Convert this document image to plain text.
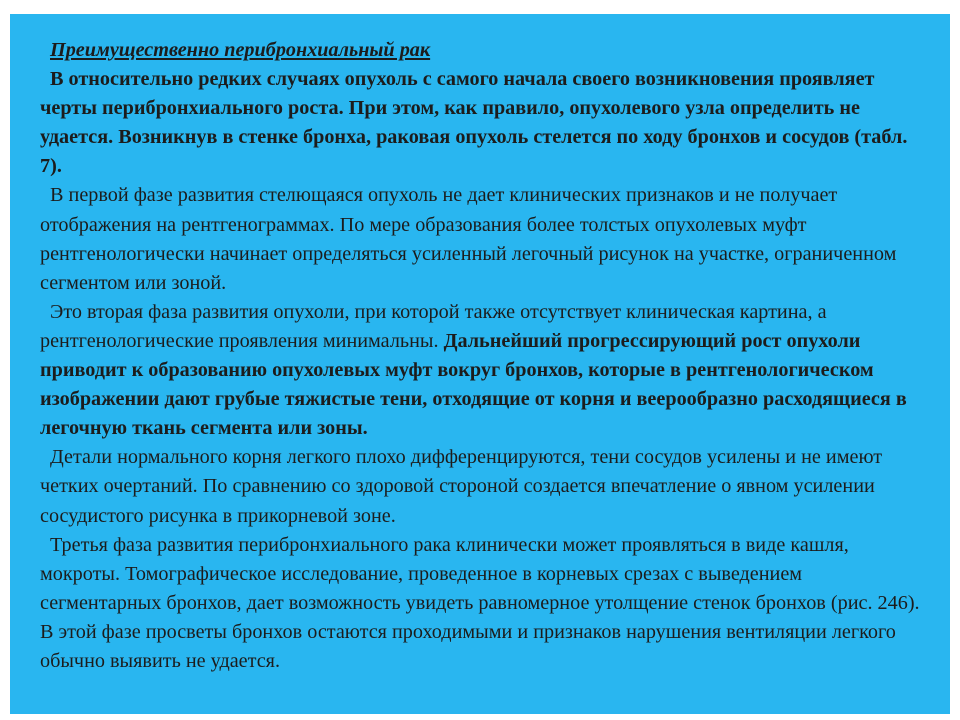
Преимущественно перибронхиальный рак

В относительно редких случаях опухоль с самого начала своего возникновения проявляет черты перибронхиального роста. При этом, как правило, опухолевого узла определить не удается. Возникнув в стенке бронха, раковая опухоль стелется по ходу бронхов и сосудов (табл. 7).

В первой фазе развития стелющаяся опухоль не дает клинических признаков и не получает отображения на рентгенограммах. По мере образования более толстых опухолевых муфт рентгенологически начинает определяться усиленный легочный рисунок на участке, ограниченном сегментом или зоной.

Это вторая фаза развития опухоли, при которой также отсутствует клиническая картина, а рентгенологические проявления минимальны. Дальнейший прогрессирующий рост опухоли приводит к образованию опухолевых муфт вокруг бронхов, которые в рентгенологическом изображении дают грубые тяжистые тени, отходящие от корня и веерообразно расходящиеся в легочную ткань сегмента или зоны.

Детали нормального корня легкого плохо дифференцируются, тени сосудов усилены и не имеют четких очертаний. По сравнению со здоровой стороной создается впечатление о явном усилении сосудистого рисунка в прикорневой зоне.

Третья фаза развития перибронхиального рака клинически может проявляться в виде кашля, мокроты. Томографическое исследование, проведенное в корневых срезах с выведением сегментарных бронхов, дает возможность увидеть равномерное утолщение стенок бронхов (рис. 246). В этой фазе просветы бронхов остаются проходимыми и признаков нарушения вентиляции легкого обычно выявить не удается.
